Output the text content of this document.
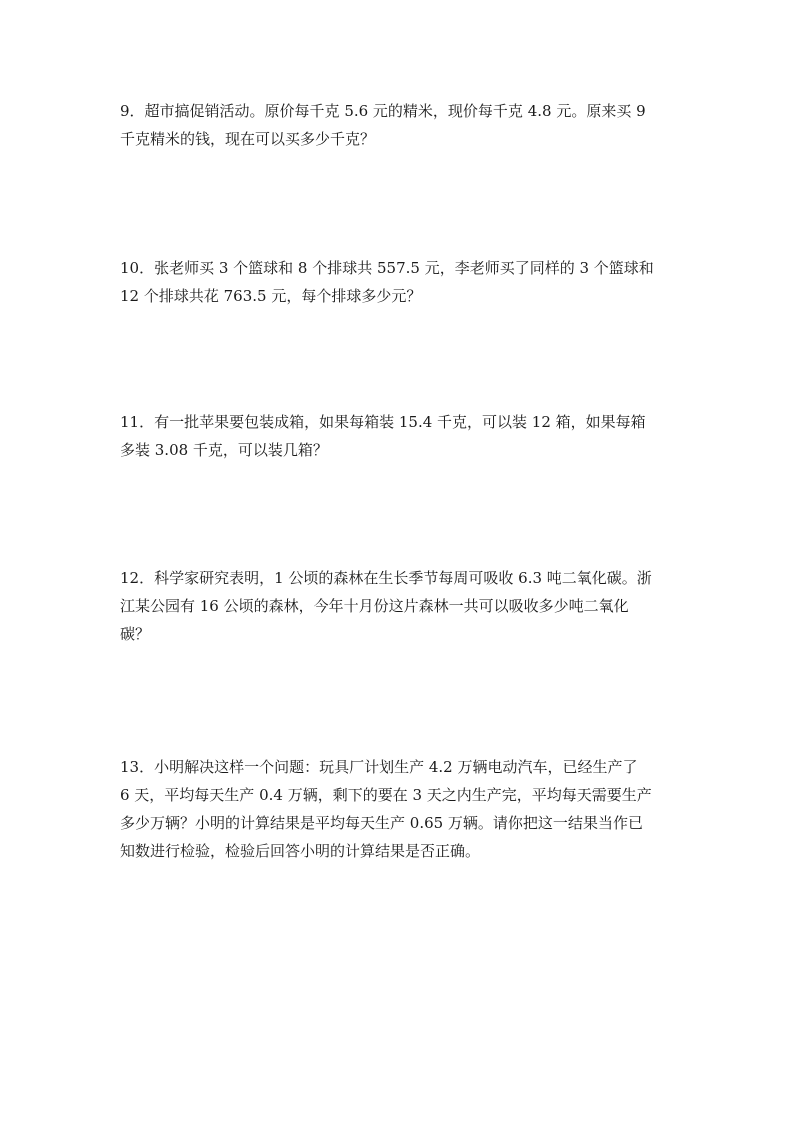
9．超市搞促销活动。原价每千克 5.6 元的精米，现价每千克 4.8 元。原来买 9
千克精米的钱，现在可以买多少千克？
10．张老师买 3 个篮球和 8 个排球共 557.5 元，李老师买了同样的 3 个篮球和
12 个排球共花 763.5 元，每个排球多少元？
11．有一批苹果要包装成箱，如果每箱装 15.4 千克，可以装 12 箱，如果每箱
多装 3.08 千克，可以装几箱？
12．科学家研究表明，1 公顷的森林在生长季节每周可吸收 6.3 吨二氧化碳。浙
江某公园有 16 公顷的森林，今年十月份这片森林一共可以吸收多少吨二氧化
碳？
13．小明解决这样一个问题：玩具厂计划生产 4.2 万辆电动汽车，已经生产了
6 天，平均每天生产 0.4 万辆，剩下的要在 3 天之内生产完，平均每天需要生产
多少万辆？小明的计算结果是平均每天生产 0.65 万辆。请你把这一结果当作已
知数进行检验，检验后回答小明的计算结果是否正确。
